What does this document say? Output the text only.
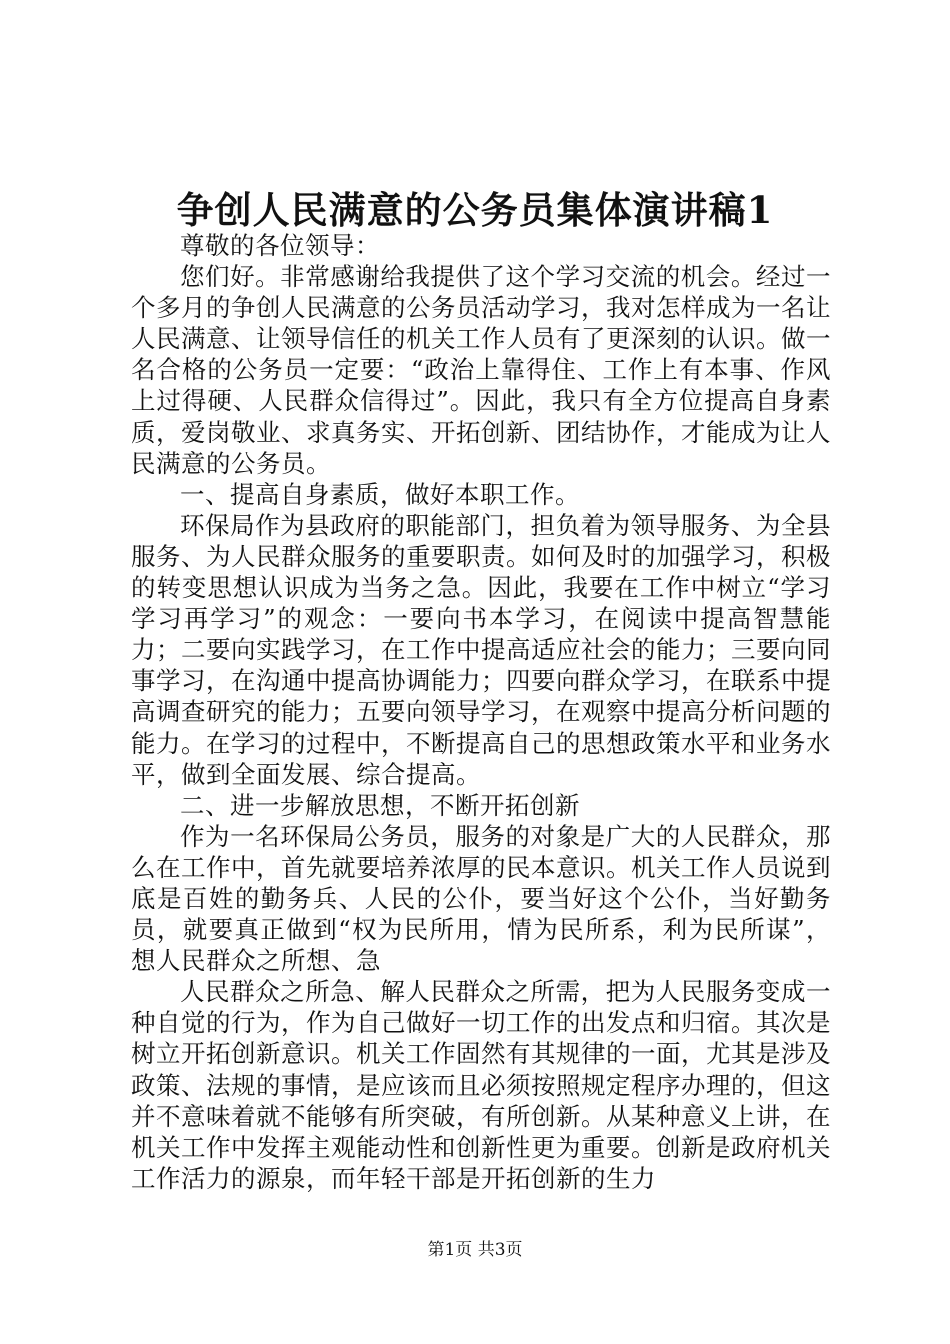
争创人民满意的公务员集体演讲稿1

尊敬的各位领导：

您们好。非常感谢给我提供了这个学习交流的机会。经过一个多月的争创人民满意的公务员活动学习，我对怎样成为一名让人民满意、让领导信任的机关工作人员有了更深刻的认识。做一名合格的公务员一定要：“政治上靠得住、工作上有本事、作风上过得硬、人民群众信得过”。因此，我只有全方位提高自身素质，爱岗敬业、求真务实、开拓创新、团结协作，才能成为让人民满意的公务员。

一、提高自身素质，做好本职工作。

环保局作为县政府的职能部门，担负着为领导服务、为全县服务、为人民群众服务的重要职责。如何及时的加强学习，积极的转变思想认识成为当务之急。因此，我要在工作中树立“学习学习再学习”的观念：一要向书本学习，在阅读中提高智慧能力；二要向实践学习，在工作中提高适应社会的能力；三要向同事学习，在沟通中提高协调能力；四要向群众学习，在联系中提高调查研究的能力；五要向领导学习，在观察中提高分析问题的能力。在学习的过程中，不断提高自己的思想政策水平和业务水平，做到全面发展、综合提高。

二、进一步解放思想，不断开拓创新

作为一名环保局公务员，服务的对象是广大的人民群众，那么在工作中，首先就要培养浓厚的民本意识。机关工作人员说到底是百姓的勤务兵、人民的公仆，要当好这个公仆，当好勤务员，就要真正做到“权为民所用，情为民所系，利为民所谋”，想人民群众之所想、急

人民群众之所急、解人民群众之所需，把为人民服务变成一种自觉的行为，作为自己做好一切工作的出发点和归宿。其次是树立开拓创新意识。机关工作固然有其规律的一面，尤其是涉及政策、法规的事情，是应该而且必须按照规定程序办理的，但这并不意味着就不能够有所突破，有所创新。从某种意义上讲，在机关工作中发挥主观能动性和创新性更为重要。创新是政府机关工作活力的源泉，而年轻干部是开拓创新的生力

第1页 共3页
